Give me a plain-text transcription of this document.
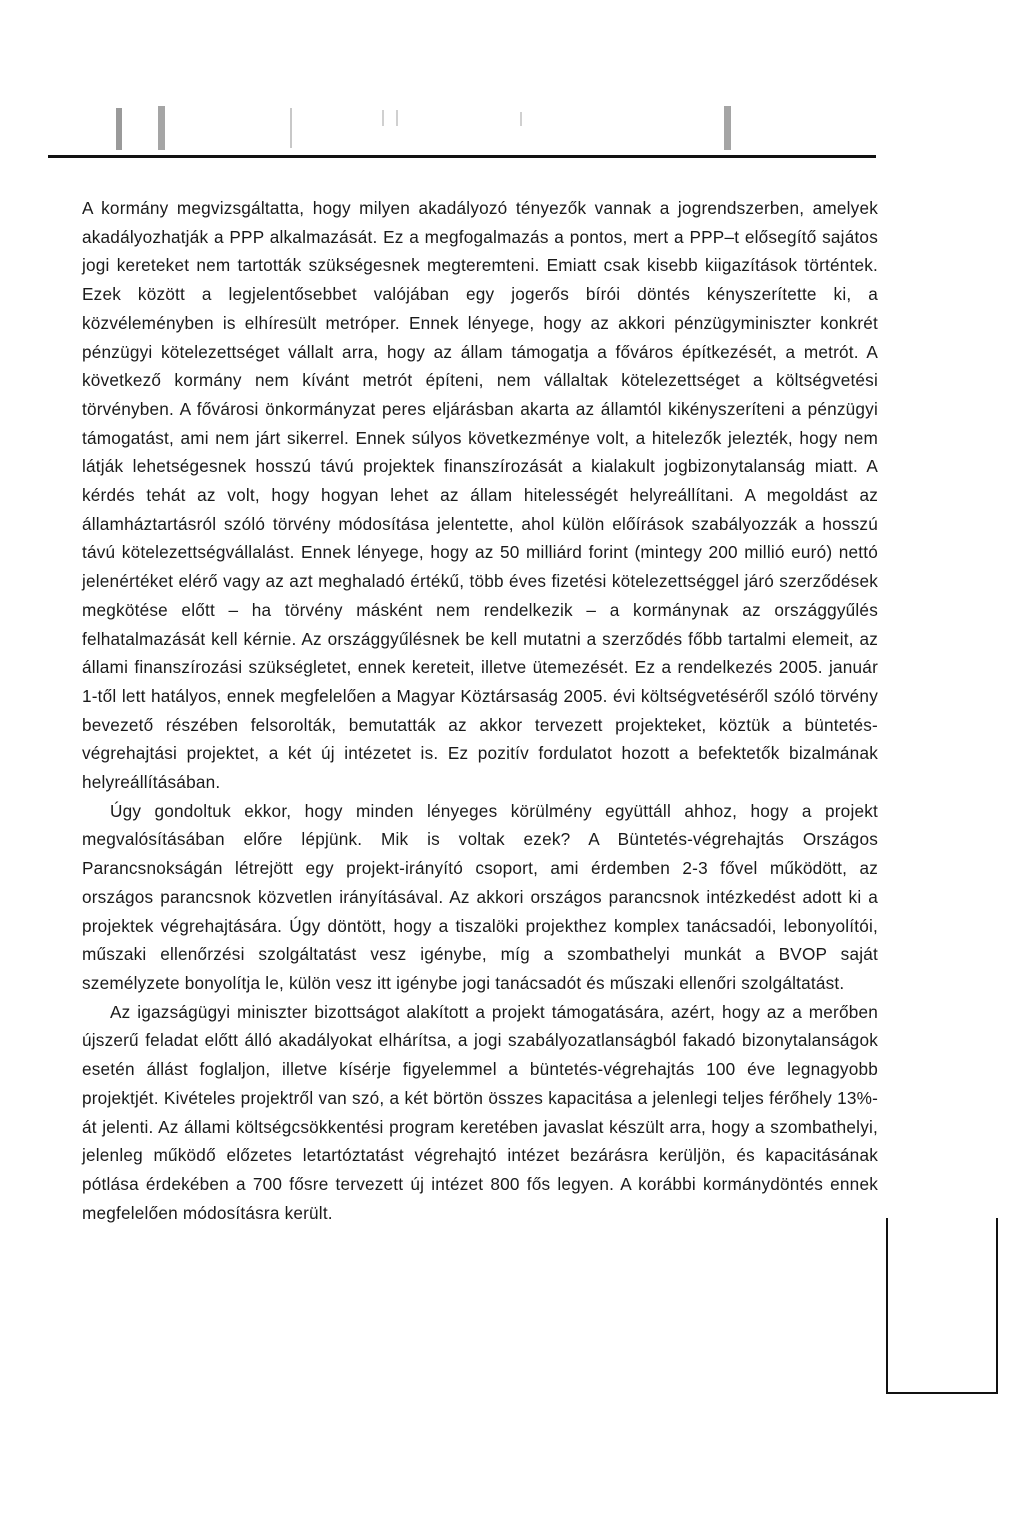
A kormány megvizsgáltatta, hogy milyen akadályozó tényezők vannak a jogrendszerben, amelyek akadályozhatják a PPP alkalmazását. Ez a megfogalmazás a pontos, mert a PPP–t elősegítő sajátos jogi kereteket nem tartották szükségesnek megteremteni. Emiatt csak kisebb kiigazítások történtek. Ezek között a legjelentősebbet valójában egy jogerős bírói döntés kényszerítette ki, a közvéleményben is elhíresült metróper. Ennek lényege, hogy az akkori pénzügyminiszter konkrét pénzügyi kötelezettséget vállalt arra, hogy az állam támogatja a főváros építkezését, a metrót. A következő kormány nem kívánt metrót építeni, nem vállaltak kötelezettséget a költségvetési törvényben. A fővárosi önkormányzat peres eljárásban akarta az államtól kikényszeríteni a pénzügyi támogatást, ami nem járt sikerrel. Ennek súlyos következménye volt, a hitelezők jelezték, hogy nem látják lehetségesnek hosszú távú projektek finanszírozását a kialakult jogbizonytalanság miatt. A kérdés tehát az volt, hogy hogyan lehet az állam hitelességét helyreállítani. A megoldást az államháztartásról szóló törvény módosítása jelentette, ahol külön előírások szabályozzák a hosszú távú kötelezettségvállalást. Ennek lényege, hogy az 50 milliárd forint (mintegy 200 millió euró) nettó jelenértéket elérő vagy az azt meghaladó értékű, több éves fizetési kötelezettséggel járó szerződések megkötése előtt – ha törvény másként nem rendelkezik – a kormánynak az országgyűlés felhatalmazását kell kérnie. Az országgyűlésnek be kell mutatni a szerződés főbb tartalmi elemeit, az állami finanszírozási szükségletet, ennek kereteit, illetve ütemezését. Ez a rendelkezés 2005. január 1-től lett hatályos, ennek megfelelően a Magyar Köztársaság 2005. évi költségvetéséről szóló törvény bevezető részében felsorolták, bemutatták az akkor tervezett projekteket, köztük a büntetés-végrehajtási projektet, a két új intézetet is. Ez pozitív fordulatot hozott a befektetők bizalmának helyreállításában.

Úgy gondoltuk ekkor, hogy minden lényeges körülmény együttáll ahhoz, hogy a projekt megvalósításában előre lépjünk. Mik is voltak ezek? A Büntetés-végrehajtás Országos Parancsnokságán létrejött egy projekt-irányító csoport, ami érdemben 2-3 fővel működött, az országos parancsnok közvetlen irányításával. Az akkori országos parancsnok intézkedést adott ki a projektek végrehajtására. Úgy döntött, hogy a tiszalöki projekthez komplex tanácsadói, lebonyolítói, műszaki ellenőrzési szolgáltatást vesz igénybe, míg a szombathelyi munkát a BVOP saját személyzete bonyolítja le, külön vesz itt igénybe jogi tanácsadót és műszaki ellenőri szolgáltatást.

Az igazságügyi miniszter bizottságot alakított a projekt támogatására, azért, hogy az a merőben újszerű feladat előtt álló akadályokat elhárítsa, a jogi szabályozatlanságból fakadó bizonytalanságok esetén állást foglaljon, illetve kísérje figyelemmel a büntetés-végrehajtás 100 éve legnagyobb projektjét. Kivételes projektről van szó, a két börtön összes kapacitása a jelenlegi teljes férőhely 13%-át jelenti. Az állami költségcsökkentési program keretében javaslat készült arra, hogy a szombathelyi, jelenleg működő előzetes letartóztatást végrehajtó intézet bezárásra kerüljön, és kapacitásának pótlása érdekében a 700 fősre tervezett új intézet 800 fős legyen. A korábbi kormánydöntés ennek megfelelően módosításra került.
